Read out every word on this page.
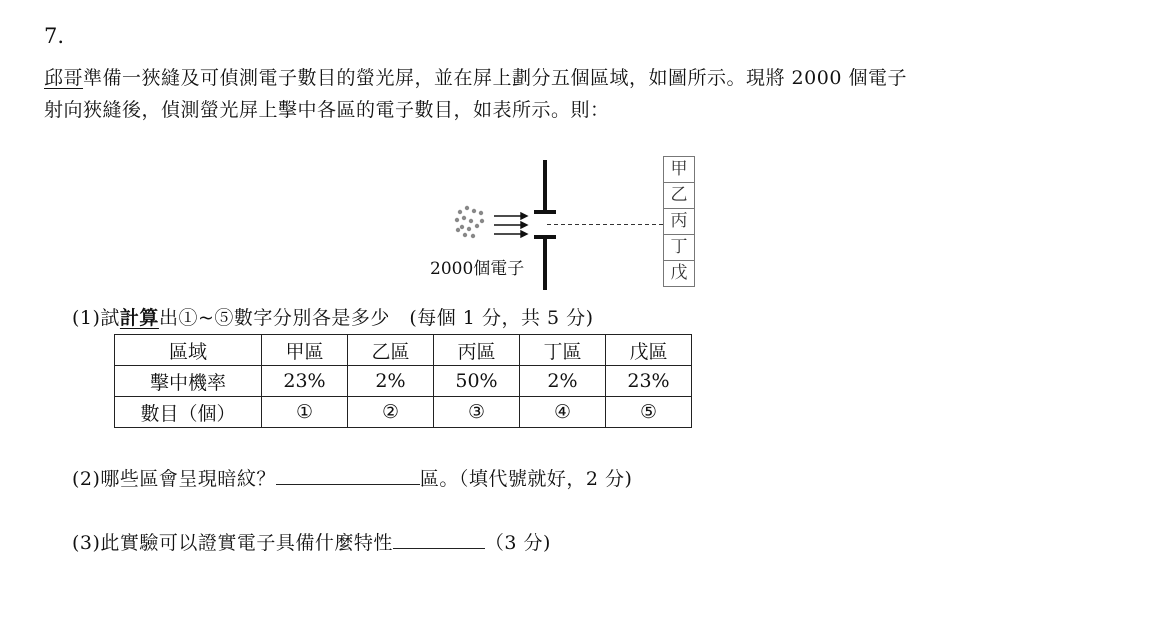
7.
邱哥準備一狹縫及可偵測電子數目的螢光屏，並在屏上劃分五個區域，如圖所示。現將 2000 個電子
射向狹縫後，偵測螢光屏上擊中各區的電子數目，如表所示。則：
2000個電子
甲
乙
丙
丁
戊
(1)試計算出①~⑤數字分別各是多少　(每個 1 分，共 5 分)
區域	甲區	乙區	丙區	丁區	戊區
擊中機率	23%	2%	50%	2%	23%
數目（個）	①	②	③	④	⑤
(2)哪些區會呈現暗紋？	區。（填代號就好，2 分)
(3)此實驗可以證實電子具備什麼特性	（3 分)
